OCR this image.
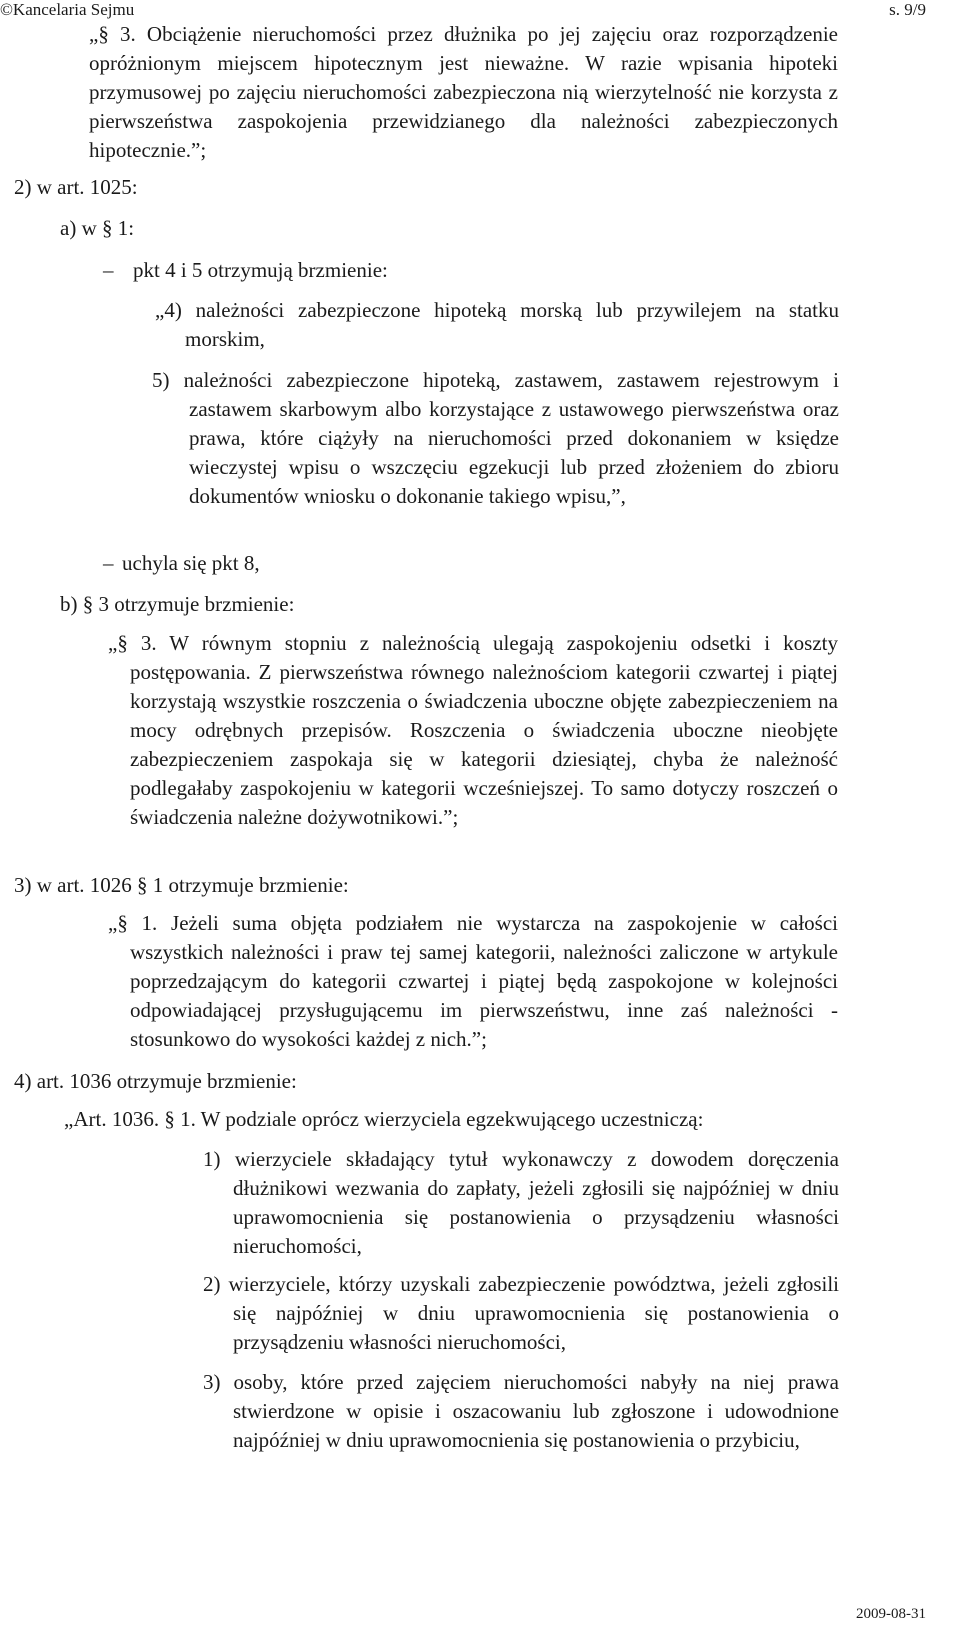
©Kancelaria Sejmu	s. 9/9

„§ 3. Obciążenie nieruchomości przez dłużnika po jej zajęciu oraz rozporządzenie opróżnionym miejscem hipotecznym jest nieważne. W razie wpisania hipoteki przymusowej po zajęciu nieruchomości zabezpieczona nią wierzytelność nie korzysta z pierwszeństwa zaspokojenia przewidzianego dla należności zabezpieczonych hipotecznie.”;

2) w art. 1025:

a) w § 1:

– pkt 4 i 5 otrzymują brzmienie:

„4) należności zabezpieczone hipoteką morską lub przywilejem na statku morskim,

5) należności zabezpieczone hipoteką, zastawem, zastawem rejestrowym i zastawem skarbowym albo korzystające z ustawowego pierwszeństwa oraz prawa, które ciążyły na nieruchomości przed dokonaniem w księdze wieczystej wpisu o wszczęciu egzekucji lub przed złożeniem do zbioru dokumentów wniosku o dokonanie takiego wpisu,”,

– uchyla się pkt 8,

b) § 3 otrzymuje brzmienie:

„§ 3. W równym stopniu z należnością ulegają zaspokojeniu odsetki i koszty postępowania. Z pierwszeństwa równego należnościom kategorii czwartej i piątej korzystają wszystkie roszczenia o świadczenia uboczne objęte zabezpieczeniem na mocy odrębnych przepisów. Roszczenia o świadczenia uboczne nieobjęte zabezpieczeniem zaspokaja się w kategorii dziesiątej, chyba że należność podlegałaby zaspokojeniu w kategorii wcześniejszej. To samo dotyczy roszczeń o świadczenia należne dożywotnikowi.”;

3) w art. 1026 § 1 otrzymuje brzmienie:

„§ 1. Jeżeli suma objęta podziałem nie wystarcza na zaspokojenie w całości wszystkich należności i praw tej samej kategorii, należności zaliczone w artykule poprzedzającym do kategorii czwartej i piątej będą zaspokojone w kolejności odpowiadającej przysługującemu im pierwszeństwu, inne zaś należności - stosunkowo do wysokości każdej z nich.”;

4) art. 1036 otrzymuje brzmienie:

„Art. 1036. § 1. W podziale oprócz wierzyciela egzekwującego uczestniczą:

1) wierzyciele składający tytuł wykonawczy z dowodem doręczenia dłużnikowi wezwania do zapłaty, jeżeli zgłosili się najpóźniej w dniu uprawomocnienia się postanowienia o przysądzeniu własności nieruchomości,

2) wierzyciele, którzy uzyskali zabezpieczenie powództwa, jeżeli zgłosili się najpóźniej w dniu uprawomocnienia się postanowienia o przysądzeniu własności nieruchomości,

3) osoby, które przed zajęciem nieruchomości nabyły na niej prawa stwierdzone w opisie i oszacowaniu lub zgłoszone i udowodnione najpóźniej w dniu uprawomocnienia się postanowienia o przybiciu,

2009-08-31
